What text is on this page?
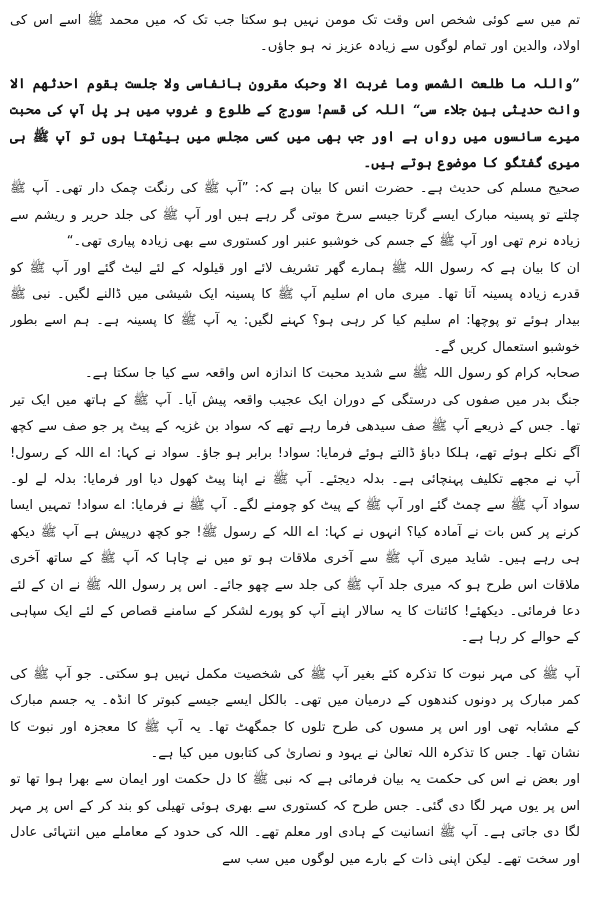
تم میں سے کوئی شخص اس وقت تک مومن نہیں ہو سکتا جب تک کہ میں محمد ﷺ اسے اس کی اولاد، والدین اور تمام لوگوں سے زیادہ عزیز نہ ہو جاؤں۔

”واللہ ما طلعت الشمس وما غربت الا وحبک مقرون بانفاسی ولا جلست بقوم احدثھم الا وانت حدیثی بین جلاء سی“ اللہ کی قسم! سورج کے طلوع و غروب میں ہر پل آپ کی محبت میرے سانسوں میں رواں ہے اور جب بھی میں کسی مجلس میں بیٹھتا ہوں تو آپ ﷺ ہی میری گفتگو کا موضوع ہوتے ہیں۔

صحیح مسلم کی حدیث ہے۔ حضرت انس کا بیان ہے کہ: ”آپ ﷺ کی رنگت چمک دار تھی۔ آپ ﷺ چلتے تو پسینہ مبارک ایسے گرتا جیسے سرخ موتی گر رہے ہیں اور آپ ﷺ کی جلد حریر و ریشم سے زیادہ نرم تھی اور آپ ﷺ کے جسم کی خوشبو عنبر اور کستوری سے بھی زیادہ پیاری تھی۔“

ان کا بیان ہے کہ رسول اللہ ﷺ ہمارے گھر تشریف لائے اور قیلولہ کے لئے لیٹ گئے اور آپ ﷺ کو قدرے زیادہ پسینہ آتا تھا۔ میری ماں ام سلیم آپ ﷺ کا پسینہ ایک شیشی میں ڈالنے لگیں۔ نبی ﷺ بیدار ہوئے تو پوچھا: ام سلیم کیا کر رہی ہو؟ کہنے لگیں: یہ آپ ﷺ کا پسینہ ہے۔ ہم اسے بطور خوشبو استعمال کریں گے۔

صحابہ کرام کو رسول اللہ ﷺ سے شدید محبت کا اندازہ اس واقعہ سے کیا جا سکتا ہے۔

جنگ بدر میں صفوں کی درستگی کے دوران ایک عجیب واقعہ پیش آیا۔ آپ ﷺ کے ہاتھ میں ایک تیر تھا۔ جس کے ذریعے آپ ﷺ صف سیدھی فرما رہے تھے کہ سواد بن غزیہ کے پیٹ پر جو صف سے کچھ آگے نکلے ہوئے تھے، ہلکا دباؤ ڈالتے ہوئے فرمایا: سواد! برابر ہو جاؤ۔ سواد نے کہا: اے اللہ کے رسول! آپ نے مجھے تکلیف پہنچائی ہے۔ بدلہ دیجئے۔ آپ ﷺ نے اپنا پیٹ کھول دیا اور فرمایا: بدلہ لے لو۔ سواد آپ ﷺ سے چمٹ گئے اور آپ ﷺ کے پیٹ کو چومنے لگے۔ آپ ﷺ نے فرمایا: اے سواد! تمہیں ایسا کرنے پر کس بات نے آمادہ کیا؟ انہوں نے کہا: اے اللہ کے رسول ﷺ! جو کچھ درپیش ہے آپ ﷺ دیکھ ہی رہے ہیں۔ شاید میری آپ ﷺ سے آخری ملاقات ہو تو میں نے چاہا کہ آپ ﷺ کے ساتھ آخری ملاقات اس طرح ہو کہ میری جلد آپ ﷺ کی جلد سے چھو جائے۔ اس پر رسول اللہ ﷺ نے ان کے لئے دعا فرمائی۔ دیکھئے! کائنات کا یہ سالار اپنے آپ کو پورے لشکر کے سامنے قصاص کے لئے ایک سپاہی کے حوالے کر رہا ہے۔

آپ ﷺ کی مہر نبوت کا تذکرہ کئے بغیر آپ ﷺ کی شخصیت مکمل نہیں ہو سکتی۔ جو آپ ﷺ کی کمر مبارک پر دونوں کندھوں کے درمیان میں تھی۔ بالکل ایسے جیسے کبوتر کا انڈہ۔ یہ جسم مبارک کے مشابہ تھی اور اس پر مسوں کی طرح تلوں کا جمگھٹ تھا۔ یہ آپ ﷺ کا معجزہ اور نبوت کا نشان تھا۔ جس کا تذکرہ اللہ تعالیٰ نے یہود و نصاریٰ کی کتابوں میں کیا ہے۔

اور بعض نے اس کی حکمت یہ بیان فرمائی ہے کہ نبی ﷺ کا دل حکمت اور ایمان سے بھرا ہوا تھا تو اس پر یوں مہر لگا دی گئی۔ جس طرح کہ کستوری سے بھری ہوئی تھیلی کو بند کر کے اس پر مہر لگا دی جاتی ہے۔ آپ ﷺ انسانیت کے ہادی اور معلم تھے۔ اللہ کی حدود کے معاملے میں انتہائی عادل اور سخت تھے۔ لیکن اپنی ذات کے بارے میں لوگوں میں سب سے
